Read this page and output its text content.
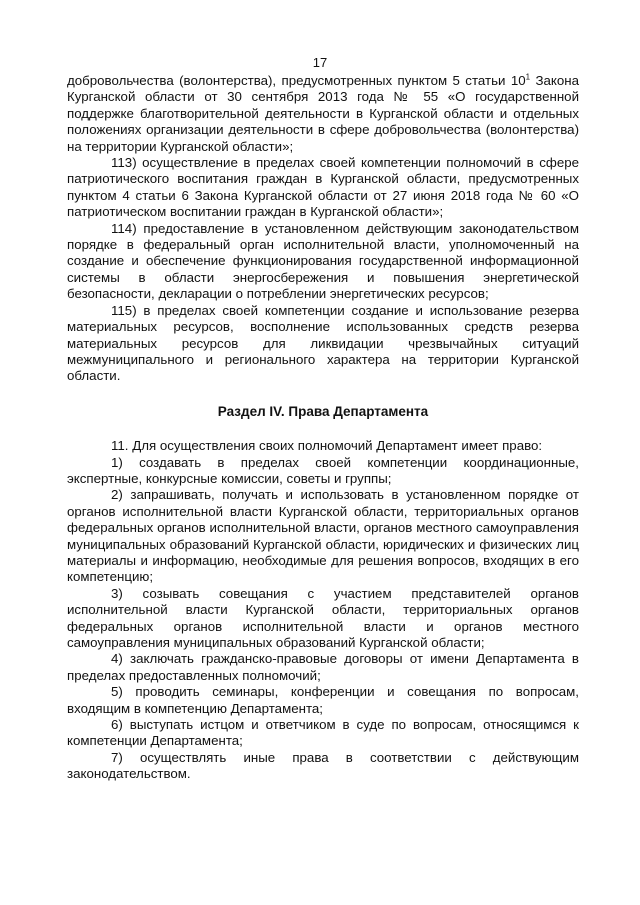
17

добровольчества (волонтерства), предусмотренных пунктом 5 статьи $10^1$ Закона Курганской области от 30 сентября 2013 года № 55 «О государственной поддержке благотворительной деятельности в Курганской области и отдельных положениях организации деятельности в сфере добровольчества (волонтерства) на территории Курганской области»;

113) осуществление в пределах своей компетенции полномочий в сфере патриотического воспитания граждан в Курганской области, предусмотренных пунктом 4 статьи 6 Закона Курганской области от 27 июня 2018 года № 60 «О патриотическом воспитании граждан в Курганской области»;

114) предоставление в установленном действующим законодательством порядке в федеральный орган исполнительной власти, уполномоченный на создание и обеспечение функционирования государственной информационной системы в области энергосбережения и повышения энергетической безопасности, декларации о потреблении энергетических ресурсов;

115) в пределах своей компетенции создание и использование резерва материальных ресурсов, восполнение использованных средств резерва материальных ресурсов для ликвидации чрезвычайных ситуаций межмуниципального и регионального характера на территории Курганской области.

Раздел IV. Права Департамента

11. Для осуществления своих полномочий Департамент имеет право:

1) создавать в пределах своей компетенции координационные, экспертные, конкурсные комиссии, советы и группы;

2) запрашивать, получать и использовать в установленном порядке от органов исполнительной власти Курганской области, территориальных органов федеральных органов исполнительной власти, органов местного самоуправления муниципальных образований Курганской области, юридических и физических лиц материалы и информацию, необходимые для решения вопросов, входящих в его компетенцию;

3) созывать совещания с участием представителей органов исполнительной власти Курганской области, территориальных органов федеральных органов исполнительной власти и органов местного самоуправления муниципальных образований Курганской области;

4) заключать гражданско-правовые договоры от имени Департамента в пределах предоставленных полномочий;

5) проводить семинары, конференции и совещания по вопросам, входящим в компетенцию Департамента;

6) выступать истцом и ответчиком в суде по вопросам, относящимся к компетенции Департамента;

7) осуществлять иные права в соответствии с действующим законодательством.
